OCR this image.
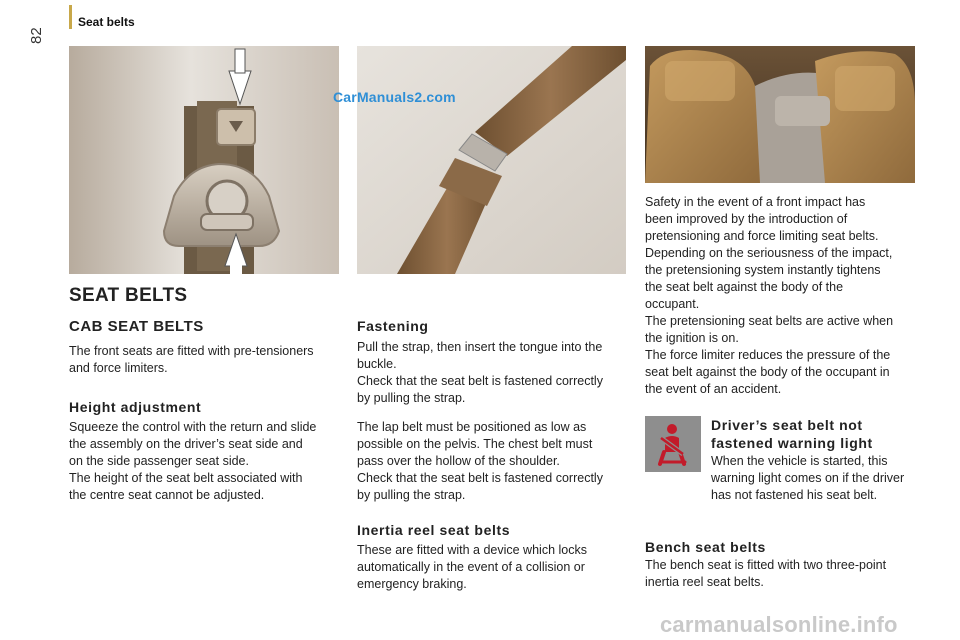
82
Seat belts
CarManuals2.com
SEAT BELTS
CAB SEAT BELTS
The front seats are fitted with pre-tensioners
and force limiters.
Height adjustment
Squeeze the control with the return and slide
the assembly on the driver’s seat side and
on the side passenger seat side.
The height of the seat belt associated with
the centre seat cannot be adjusted.
Fastening
Pull the strap, then insert the tongue into the
buckle.
Check that the seat belt is fastened correctly
by pulling the strap.
The lap belt must be positioned as low as
possible on the pelvis. The chest belt must
pass over the hollow of the shoulder.
Check that the seat belt is fastened correctly
by pulling the strap.
Inertia reel seat belts
These are fitted with a device which locks
automatically in the event of a collision or
emergency braking.
Safety in the event of a front impact has
been improved by the introduction of
pretensioning and force limiting seat belts.
Depending on the seriousness of the impact,
the pretensioning system instantly tightens
the seat belt against the body of the
occupant.
The pretensioning seat belts are active when
the ignition is on.
The force limiter reduces the pressure of the
seat belt against the body of the occupant in
the event of an accident.
Driver’s seat belt not
fastened warning light
When the vehicle is started, this
warning light comes on if the driver
has not fastened his seat belt.
Bench seat belts
The bench seat is fitted with two three-point
inertia reel seat belts.
carmanualsonline.info
